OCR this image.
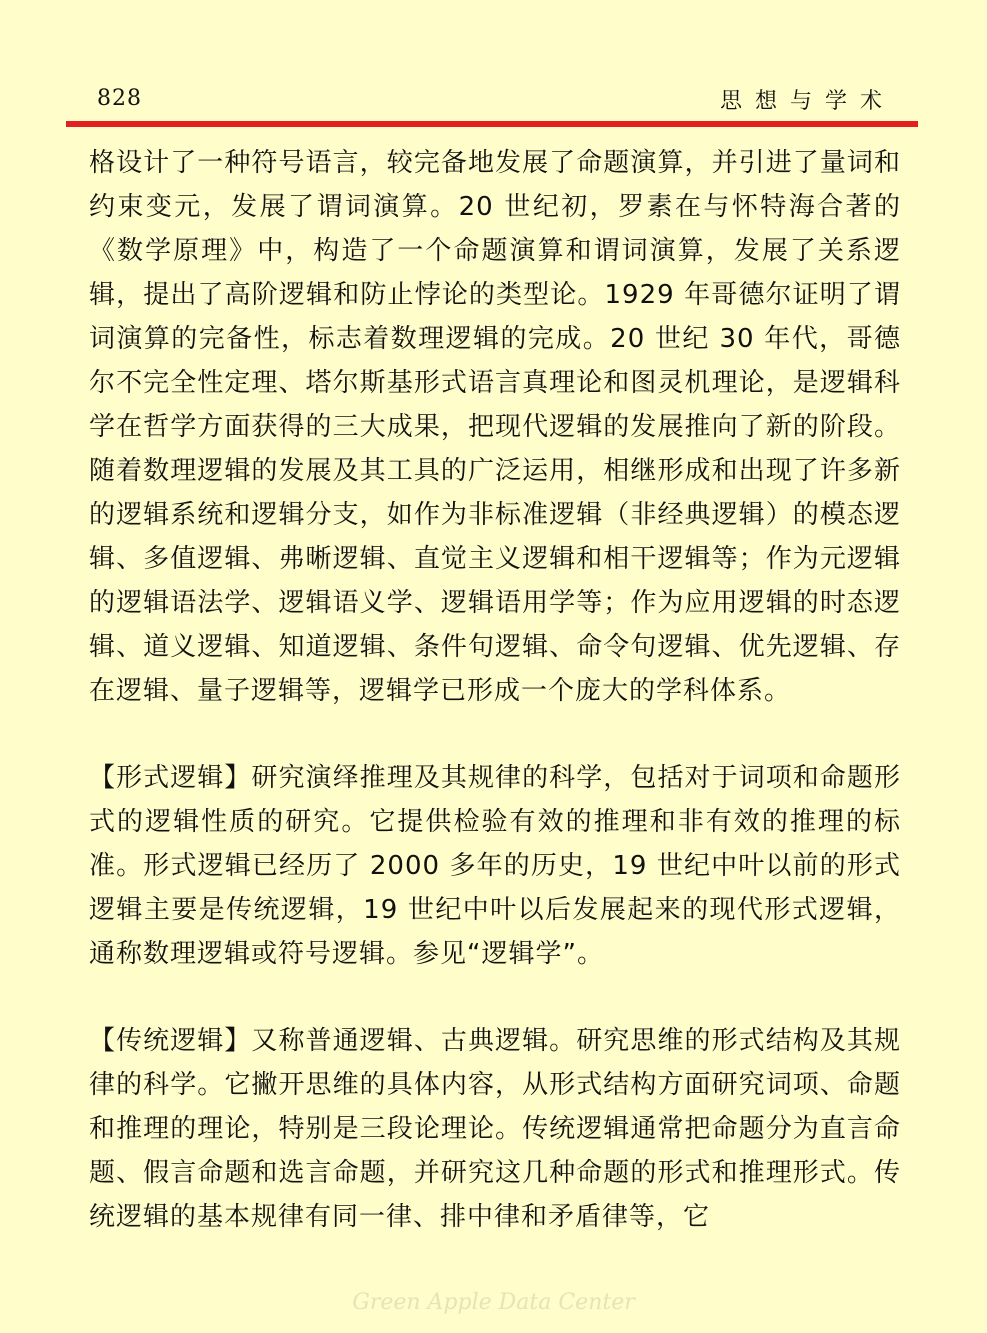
828	思想与学术

格设计了一种符号语言，较完备地发展了命题演算，并引进了量词和约束变元，发展了谓词演算。20 世纪初，罗素在与怀特海合著的《数学原理》中，构造了一个命题演算和谓词演算，发展了关系逻辑，提出了高阶逻辑和防止悖论的类型论。1929 年哥德尔证明了谓词演算的完备性，标志着数理逻辑的完成。20 世纪 30 年代，哥德尔不完全性定理、塔尔斯基形式语言真理论和图灵机理论，是逻辑科学在哲学方面获得的三大成果，把现代逻辑的发展推向了新的阶段。随着数理逻辑的发展及其工具的广泛运用，相继形成和出现了许多新的逻辑系统和逻辑分支，如作为非标准逻辑（非经典逻辑）的模态逻辑、多值逻辑、弗晰逻辑、直觉主义逻辑和相干逻辑等；作为元逻辑的逻辑语法学、逻辑语义学、逻辑语用学等；作为应用逻辑的时态逻辑、道义逻辑、知道逻辑、条件句逻辑、命令句逻辑、优先逻辑、存在逻辑、量子逻辑等，逻辑学已形成一个庞大的学科体系。

【形式逻辑】研究演绎推理及其规律的科学，包括对于词项和命题形式的逻辑性质的研究。它提供检验有效的推理和非有效的推理的标准。形式逻辑已经历了 2000 多年的历史，19 世纪中叶以前的形式逻辑主要是传统逻辑，19 世纪中叶以后发展起来的现代形式逻辑，通称数理逻辑或符号逻辑。参见“逻辑学”。

【传统逻辑】又称普通逻辑、古典逻辑。研究思维的形式结构及其规律的科学。它撇开思维的具体内容，从形式结构方面研究词项、命题和推理的理论，特别是三段论理论。传统逻辑通常把命题分为直言命题、假言命题和选言命题，并研究这几种命题的形式和推理形式。传统逻辑的基本规律有同一律、排中律和矛盾律等，它

Green Apple Data Center
